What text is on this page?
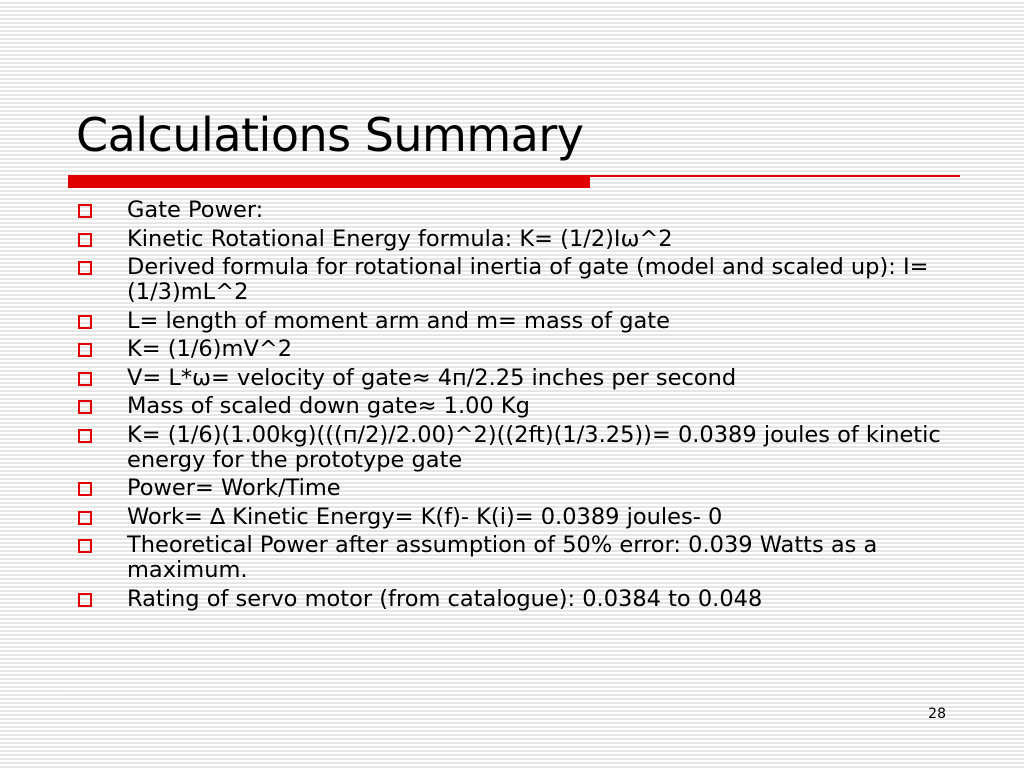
Calculations Summary
Gate Power:
Kinetic Rotational Energy formula: K= (1/2)Iω^2
Derived formula for rotational inertia of gate (model and scaled up): I= (1/3)mL^2
L= length of moment arm and m= mass of gate
K= (1/6)mV^2
V= L*ω= velocity of gate≈ 4п/2.25 inches per second
Mass of scaled down gate≈ 1.00 Kg
K= (1/6)(1.00kg)(((п/2)/2.00)^2)((2ft)(1/3.25))= 0.0389 joules of kinetic energy for the prototype gate
Power= Work/Time
Work= ∆ Kinetic Energy= K(f)- K(i)= 0.0389 joules- 0
Theoretical Power after assumption of 50% error: 0.039 Watts as a maximum.
Rating of servo motor (from catalogue): 0.0384 to 0.048
28
